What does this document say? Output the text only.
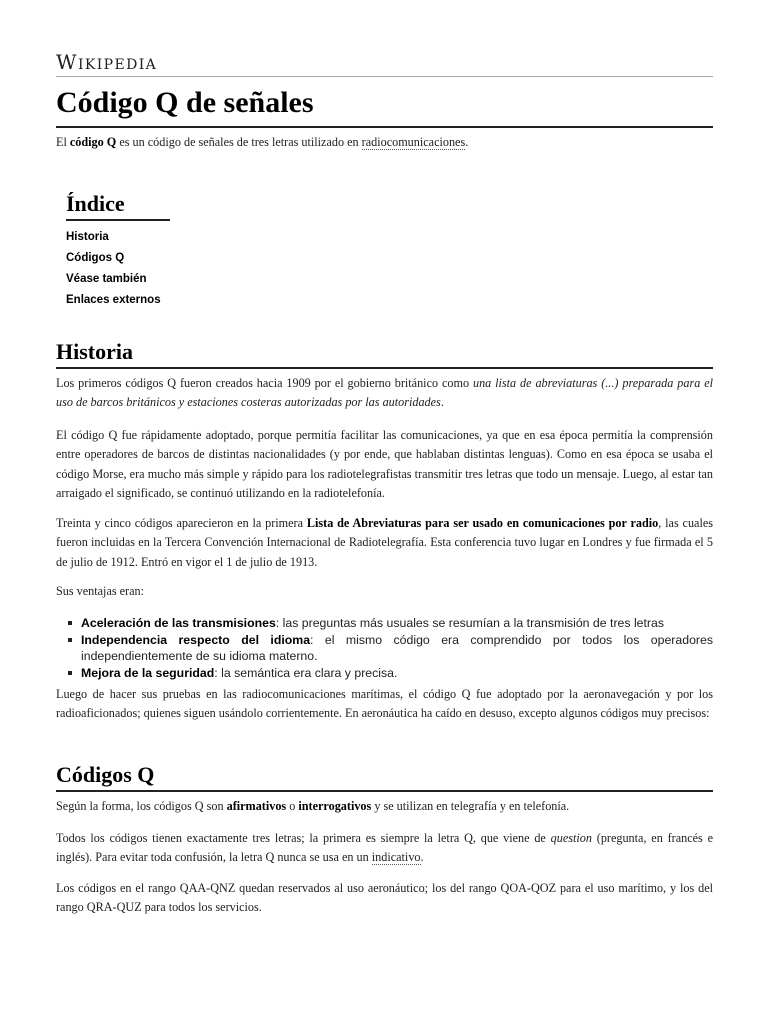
Wikipedia
Código Q de señales

El código Q es un código de señales de tres letras utilizado en radiocomunicaciones.

Índice
Historia
Códigos Q
Véase también
Enlaces externos
Historia

Los primeros códigos Q fueron creados hacia 1909 por el gobierno británico como una lista de abreviaturas (...) preparada para el uso de barcos británicos y estaciones costeras autorizadas por las autoridades.

El código Q fue rápidamente adoptado, porque permitía facilitar las comunicaciones, ya que en esa época permitía la comprensión entre operadores de barcos de distintas nacionalidades (y por ende, que hablaban distintas lenguas). Como en esa época se usaba el código Morse, era mucho más simple y rápido para los radiotelegrafistas transmitir tres letras que todo un mensaje. Luego, al estar tan arraigado el significado, se continuó utilizando en la radiotelefonía.

Treinta y cinco códigos aparecieron en la primera Lista de Abreviaturas para ser usado en comunicaciones por radio, las cuales fueron incluidas en la Tercera Convención Internacional de Radiotelegrafía. Esta conferencia tuvo lugar en Londres y fue firmada el 5 de julio de 1912. Entró en vigor el 1 de julio de 1913.

Sus ventajas eran:

Aceleración de las transmisiones: las preguntas más usuales se resumían a la transmisión de tres letras
Independencia respecto del idioma: el mismo código era comprendido por todos los operadores independientemente de su idioma materno.
Mejora de la seguridad: la semántica era clara y precisa.

Luego de hacer sus pruebas en las radiocomunicaciones marítimas, el código Q fue adoptado por la aeronavegación y por los radioaficionados; quienes siguen usándolo corrientemente. En aeronáutica ha caído en desuso, excepto algunos códigos muy precisos:

Códigos Q

Según la forma, los códigos Q son afirmativos o interrogativos y se utilizan en telegrafía y en telefonía.

Todos los códigos tienen exactamente tres letras; la primera es siempre la letra Q, que viene de question (pregunta, en francés e inglés). Para evitar toda confusión, la letra Q nunca se usa en un indicativo.

Los códigos en el rango QAA-QNZ quedan reservados al uso aeronáutico; los del rango QOA-QOZ para el uso marítimo, y los del rango QRA-QUZ para todos los servicios.
